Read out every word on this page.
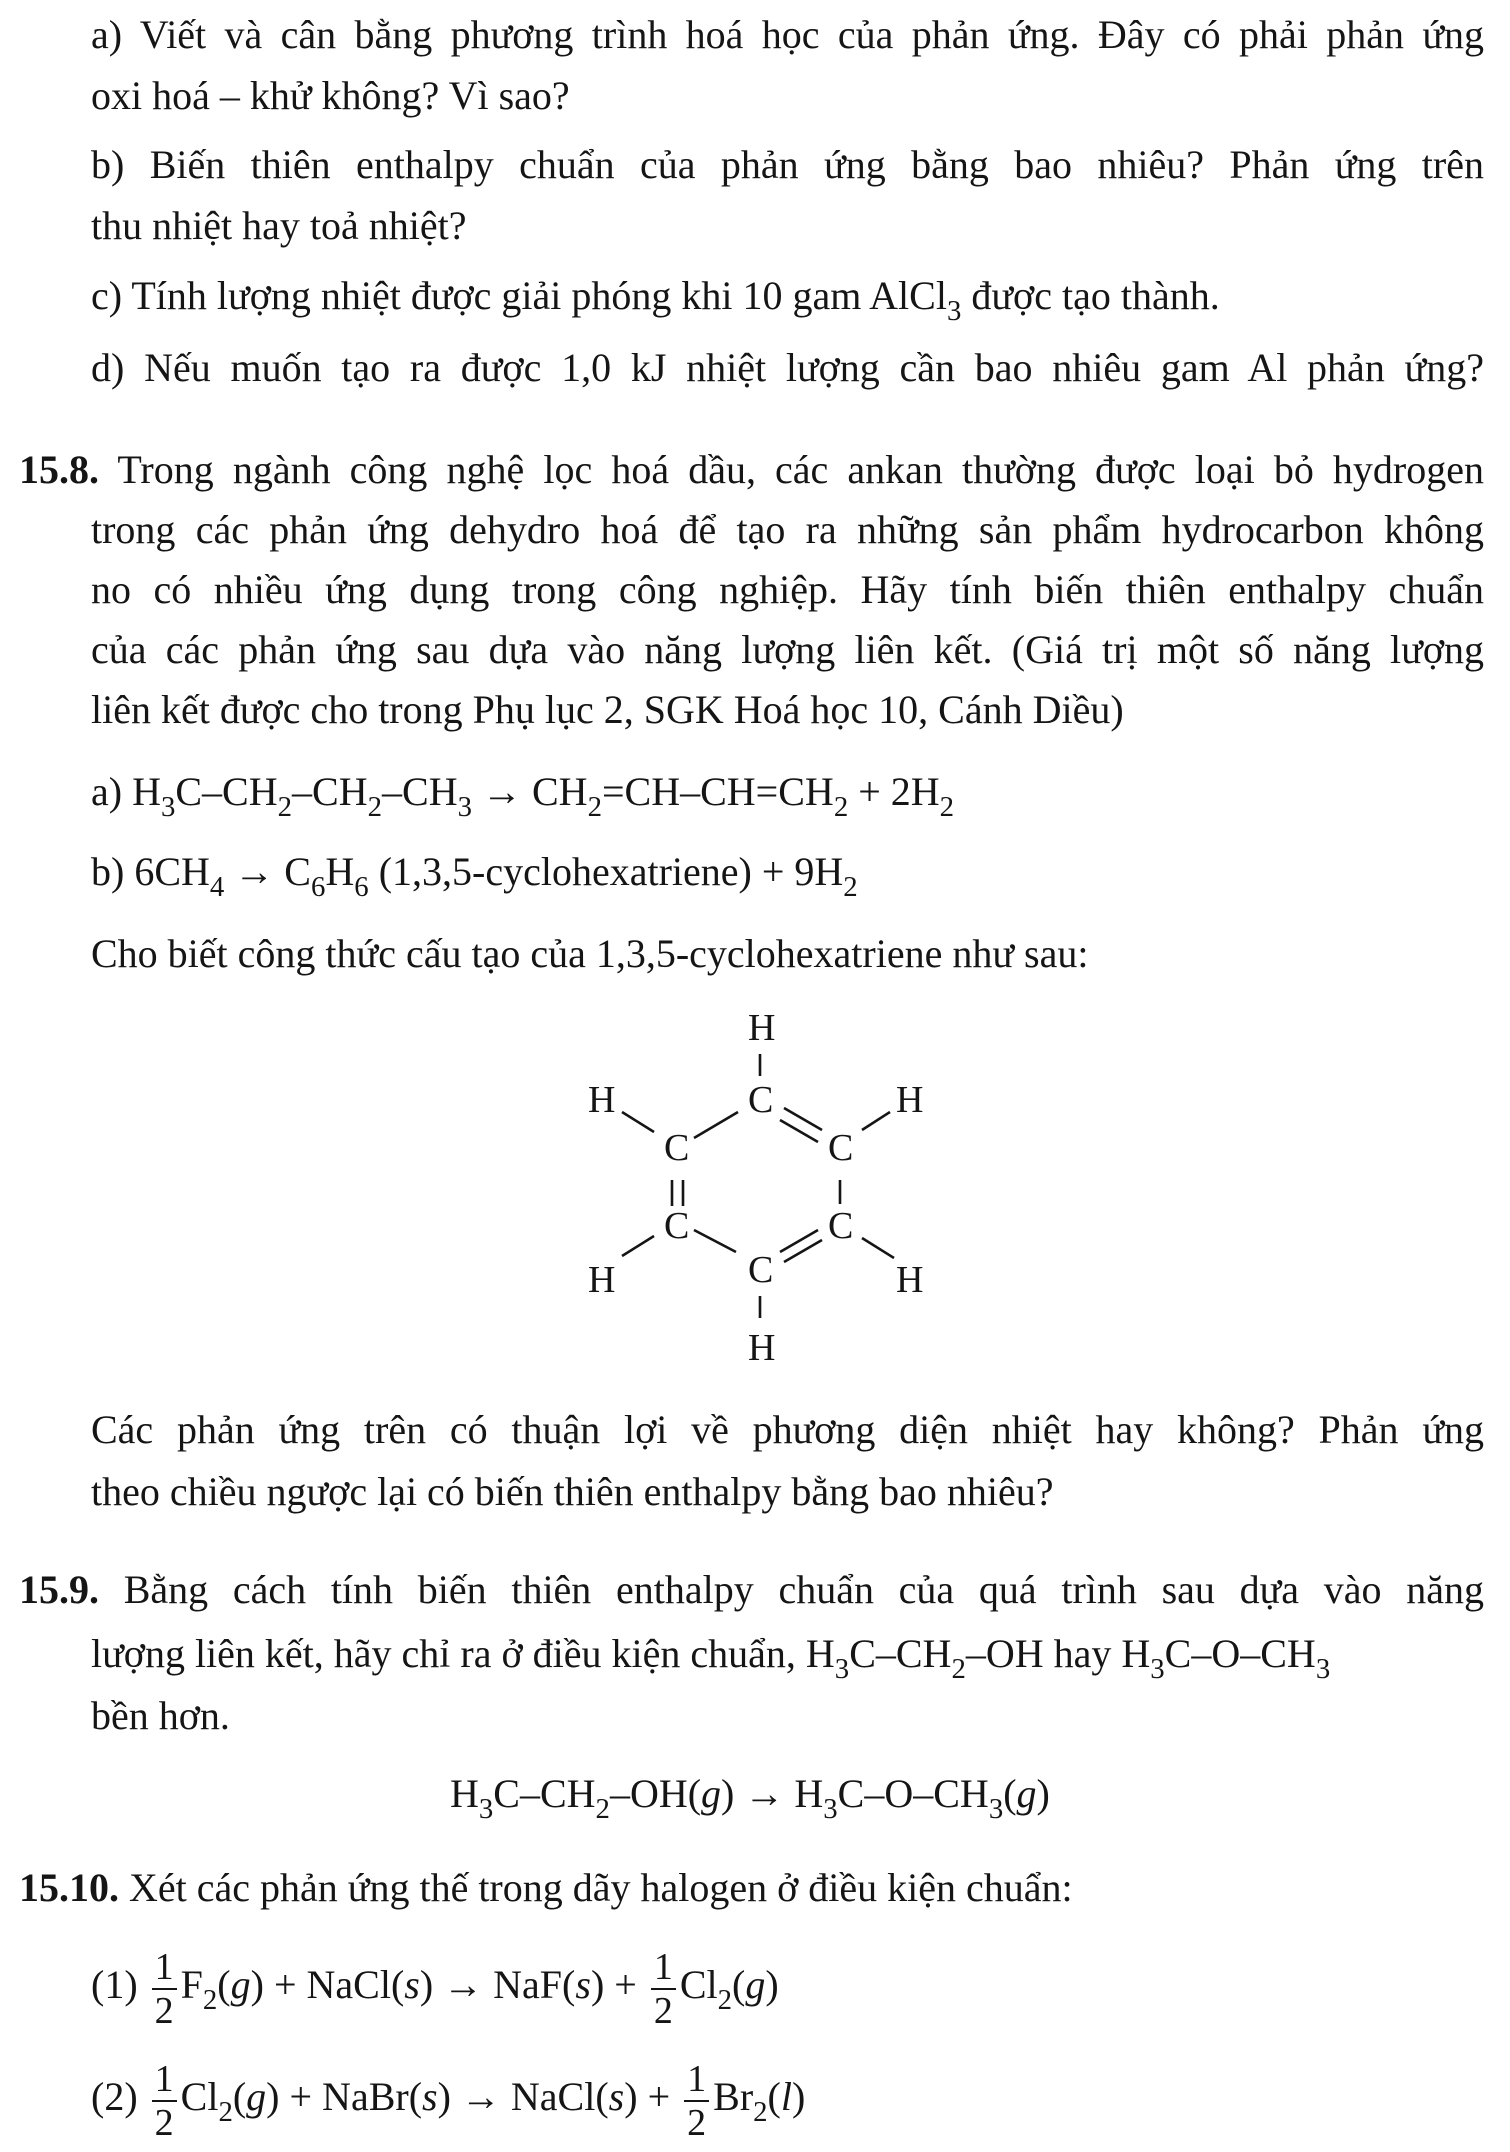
a) Viết và cân bằng phương trình hoá học của phản ứng. Đây có phải phản ứng
oxi hoá – khử không? Vì sao?
b) Biến thiên enthalpy chuẩn của phản ứng bằng bao nhiêu? Phản ứng trên
thu nhiệt hay toả nhiệt?
c) Tính lượng nhiệt được giải phóng khi 10 gam AlCl$_3$ được tạo thành.
d) Nếu muốn tạo ra được 1,0 kJ nhiệt lượng cần bao nhiêu gam Al phản ứng?
15.8. Trong ngành công nghệ lọc hoá dầu, các ankan thường được loại bỏ hydrogen
trong các phản ứng dehydro hoá để tạo ra những sản phẩm hydrocarbon không
no có nhiều ứng dụng trong công nghiệp. Hãy tính biến thiên enthalpy chuẩn
của các phản ứng sau dựa vào năng lượng liên kết. (Giá trị một số năng lượng
liên kết được cho trong Phụ lục 2, SGK Hoá học 10, Cánh Diều)
a) $H_3C-CH_2-CH_2-CH_3 \to CH_2=CH-CH=CH_2 + 2H_2$
b) $6CH_4 \to C_6H_6$ (1,3,5-cyclohexatriene) + $9H_2$
Cho biết công thức cấu tạo của 1,3,5-cyclohexatriene như sau:
H
C
H
C	C
H
C	C
C
H	H
H
Các phản ứng trên có thuận lợi về phương diện nhiệt hay không? Phản ứng
theo chiều ngược lại có biến thiên enthalpy bằng bao nhiêu?
15.9. Bằng cách tính biến thiên enthalpy chuẩn của quá trình sau dựa vào năng
lượng liên kết, hãy chỉ ra ở điều kiện chuẩn, $H_3C-CH_2-OH$ hay $H_3C-O-CH_3$
bền hơn.
$H_3C-CH_2-OH(g) \to H_3C-O-CH_3(g)$
15.10. Xét các phản ứng thế trong dãy halogen ở điều kiện chuẩn:
$(1) \frac{1}{2} F_2(g)$ + NaCl(s) → $NaF(s) + \frac{1}{2} Cl_2(g)$
$(2) \frac{1}{2} Cl_2(g)$ + NaBr(s) → NaCl(s) + $\frac{1}{2} Br_2(l)$
